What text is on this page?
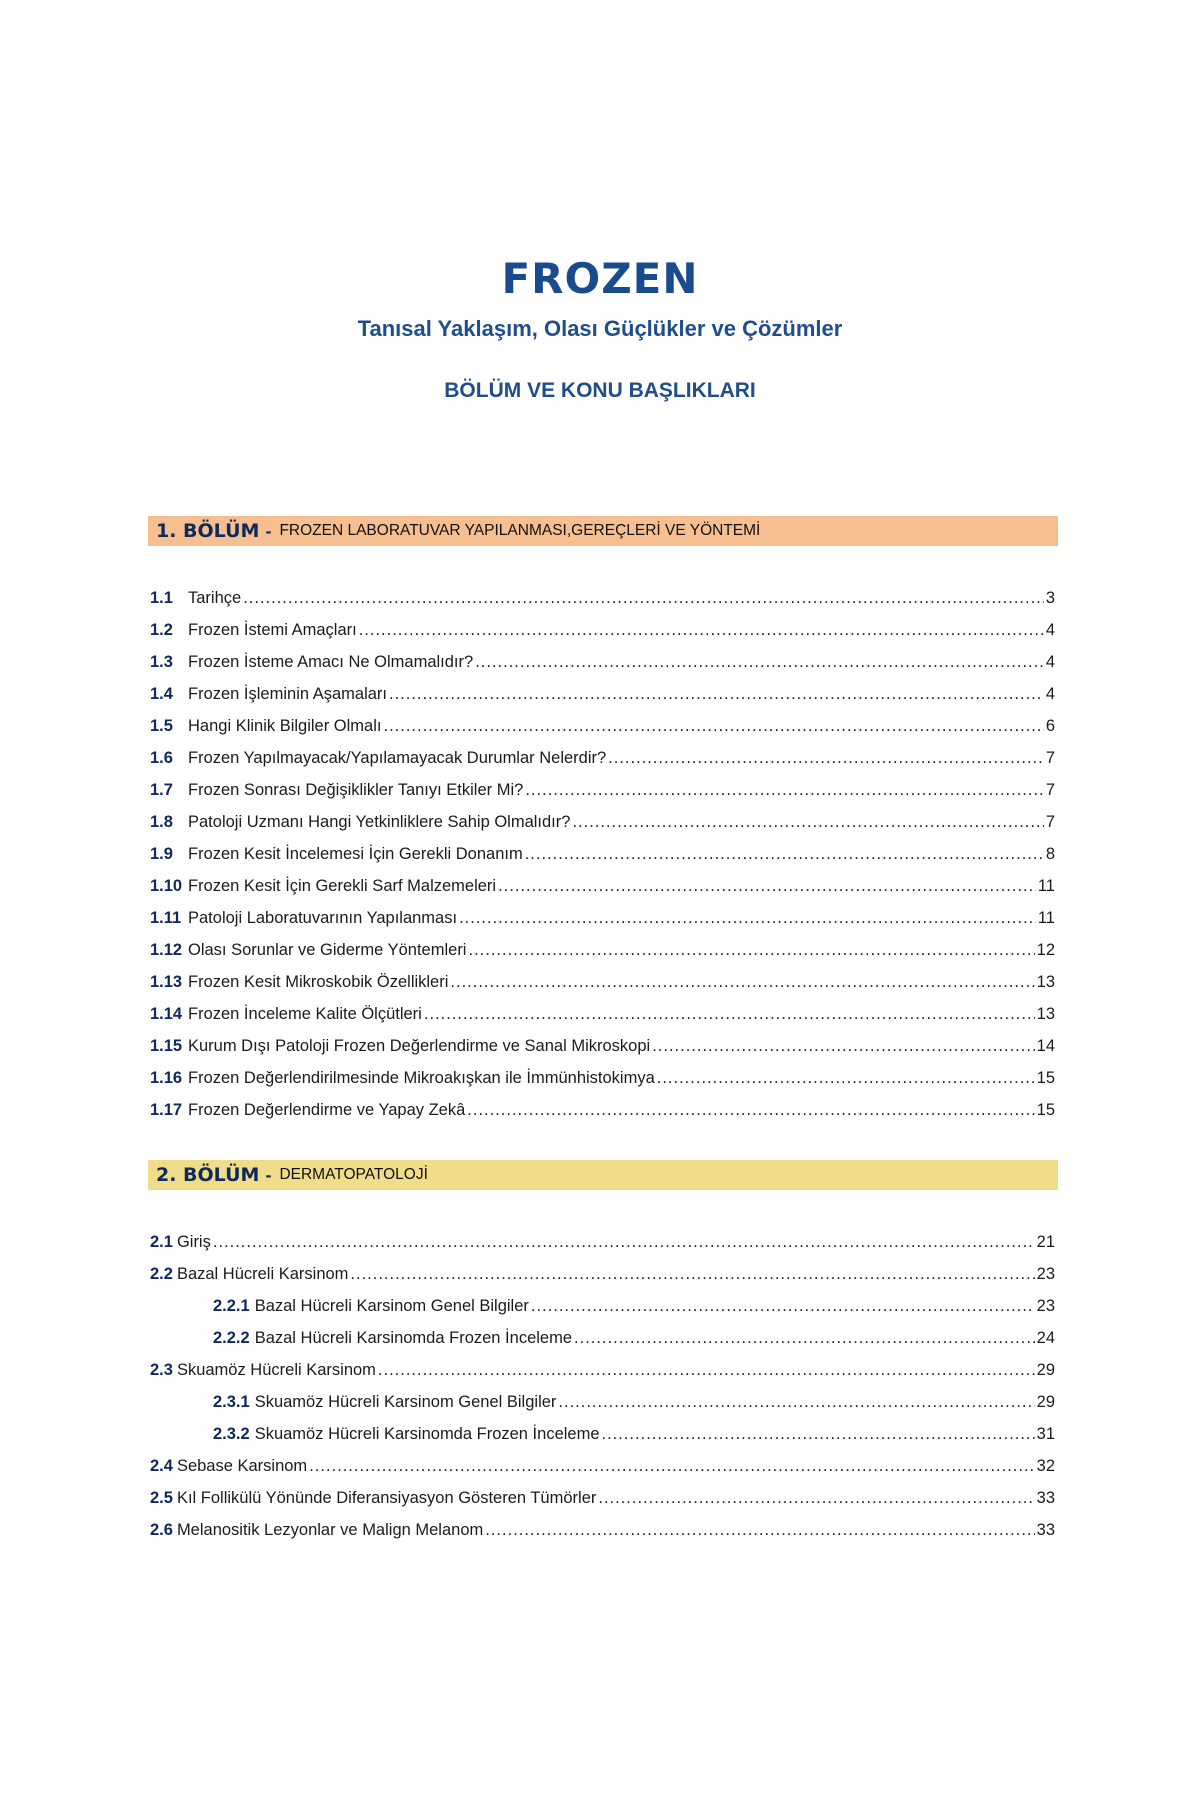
FROZEN
Tanısal Yaklaşım, Olası Güçlükler ve Çözümler
BÖLÜM VE KONU BAŞLIKLARI
1. BÖLÜM - FROZEN LABORATUVAR YAPILANMASI,GEREÇLERİ VE YÖNTEMİ
1.1 Tarihçe .....	3
1.2 Frozen İstemi Amaçları .....	4
1.3 Frozen İsteme Amacı Ne Olmamalıdır? .....	4
1.4 Frozen İşleminin Aşamaları .....	4
1.5 Hangi Klinik Bilgiler Olmalı .....	6
1.6 Frozen Yapılmayacak/Yapılamayacak Durumlar Nelerdir? .....	7
1.7 Frozen Sonrası Değişiklikler Tanıyı Etkiler Mi? .....	7
1.8 Patoloji Uzmanı Hangi Yetkinliklere Sahip Olmalıdır? .....	7
1.9 Frozen Kesit İncelemesi İçin Gerekli Donanım .....	8
1.10 Frozen Kesit İçin Gerekli Sarf Malzemeleri .....	11
1.11 Patoloji Laboratuvarının Yapılanması .....	11
1.12 Olası Sorunlar ve Giderme Yöntemleri .....	12
1.13 Frozen Kesit Mikroskobik Özellikleri .....	13
1.14 Frozen İnceleme Kalite Ölçütleri .....	13
1.15 Kurum Dışı Patoloji Frozen Değerlendirme ve Sanal Mikroskopi .....	14
1.16 Frozen Değerlendirilmesinde Mikroakışkan ile İmmünhistokimya .....	15
1.17 Frozen Değerlendirme ve Yapay Zekâ .....	15
2. BÖLÜM - DERMATOPATOLOJİ
2.1 Giriş .....	21
2.2 Bazal Hücreli Karsinom .....	23
2.2.1 Bazal Hücreli Karsinom Genel Bilgiler .....	23
2.2.2 Bazal Hücreli Karsinomda Frozen İnceleme .....	24
2.3 Skuamöz Hücreli Karsinom .....	29
2.3.1 Skuamöz Hücreli Karsinom Genel Bilgiler .....	29
2.3.2 Skuamöz Hücreli Karsinomda Frozen İnceleme .....	31
2.4 Sebase Karsinom .....	32
2.5 Kıl Follikülü Yönünde Diferansiyasyon Gösteren Tümörler .....	33
2.6 Melanositik Lezyonlar ve Malign Melanom .....	33
